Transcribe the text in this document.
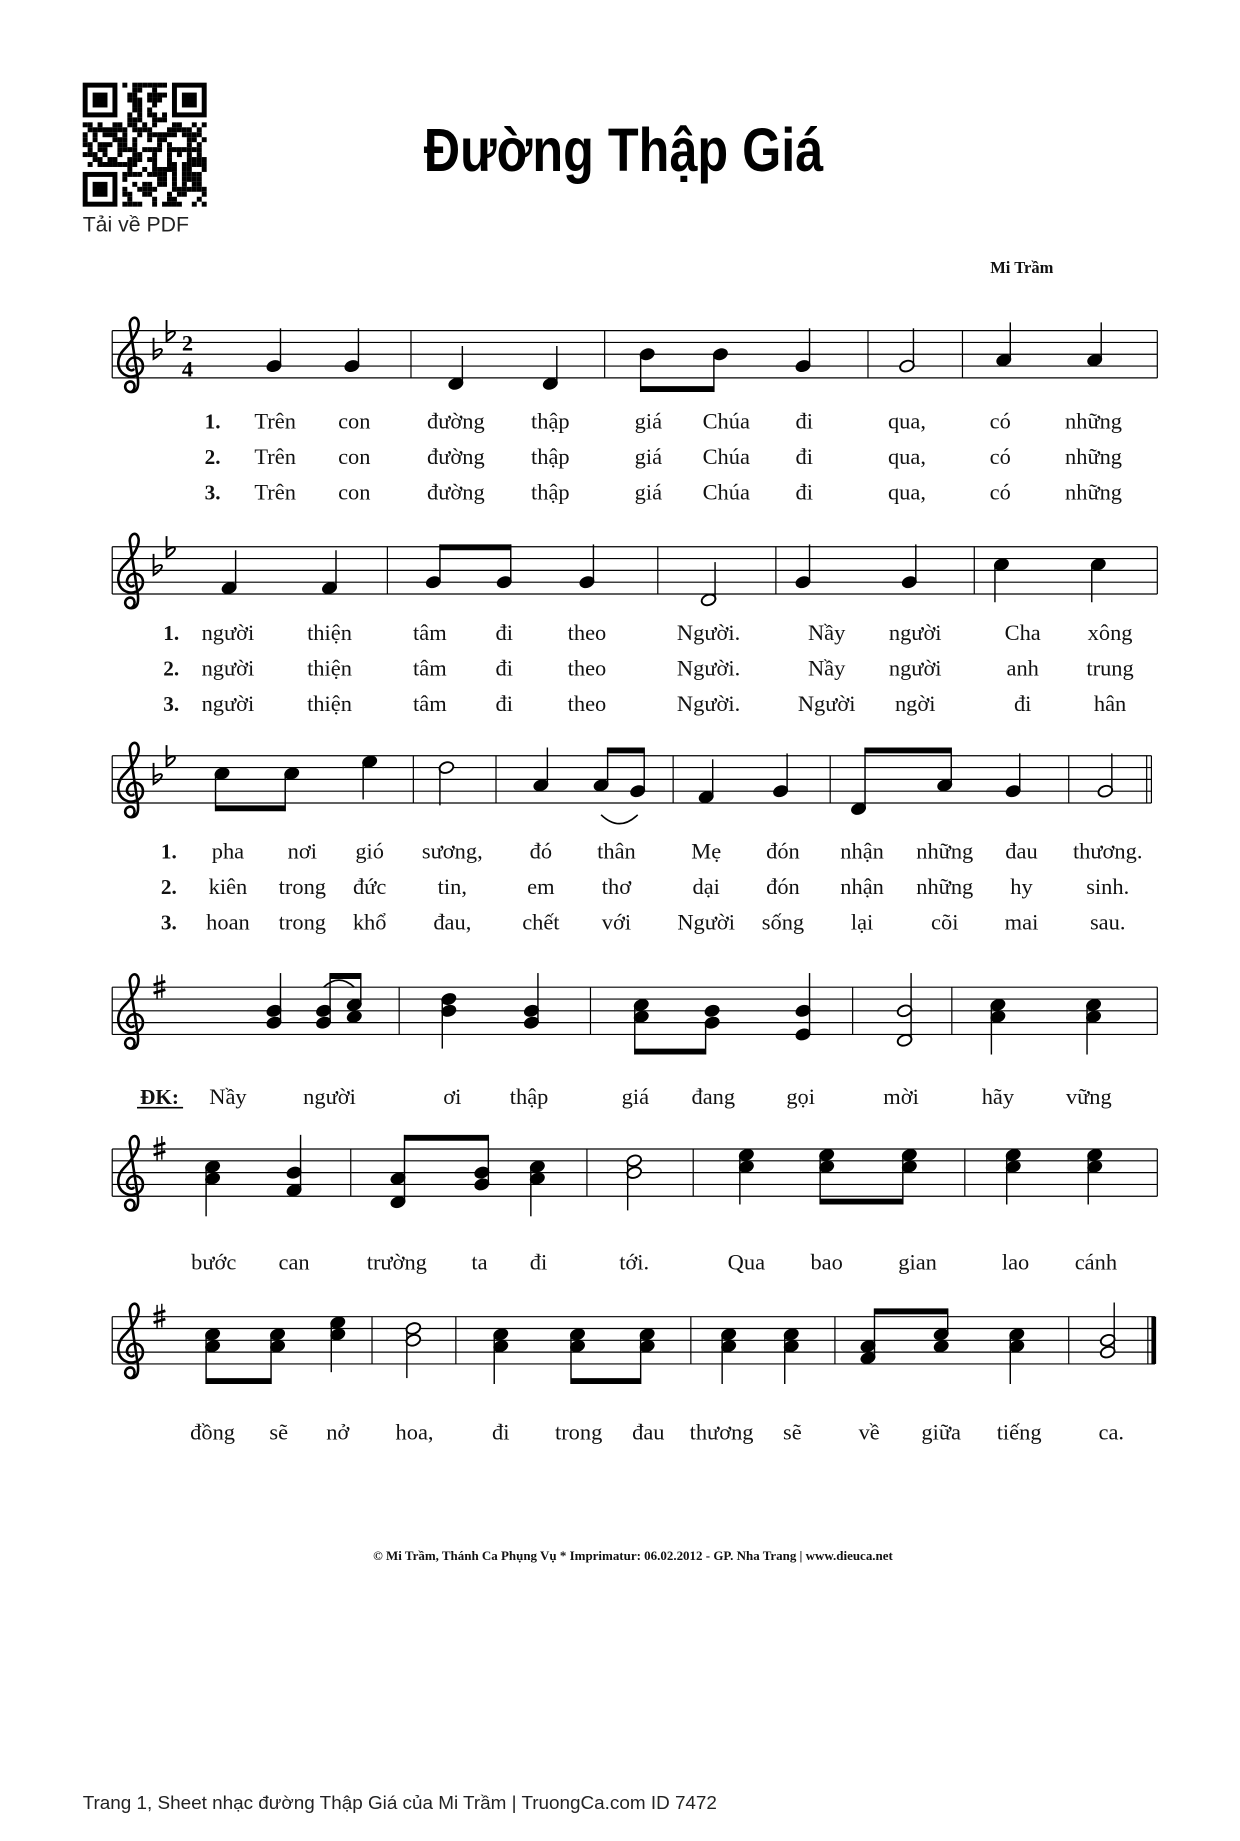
Tải về PDF
Đường Thập Giá
Mi Trầm
2
4
1. Trên con	đường thập	giá Chúa đi	qua,	có	những
2. Trên con	đường thập	giá Chúa đi	qua,	có	những
3. Trên con	đường thập	giá Chúa đi	qua,	có	những
1. người	thiện	tâm	đi	theo	Người.	Nầy người	Cha xông
2. người	thiện	tâm	đi	theo	Người.	Nầy người	anh	trung
3. người	thiện	tâm	đi	theo	Người.	Người ngời	đi	hân
1. pha nơi gió sương, đó thân	Mẹ đón nhận những đau thương.
2. kiên trong đức	tin,	em thơ	dại đón nhận những hy	sinh.
3. hoan trong khổ đau,	chết với Người sống lại	cõi mai	sau.
ĐK: Nầy	người	ơi	thập	giá đang	gọi	mời	hãy	vững
bước can	trường ta đi	tới.	Qua bao	gian	lao cánh
đồng sẽ nở hoa,	đi trong đau thương sẽ	về giữa tiếng	ca.
© Mi Trầm, Thánh Ca Phụng Vụ * Imprimatur: 06.02.2012 - GP. Nha Trang | www.dieuca.net
Trang 1, Sheet nhạc đường Thập Giá của Mi Trầm | TruongCa.com ID 7472
